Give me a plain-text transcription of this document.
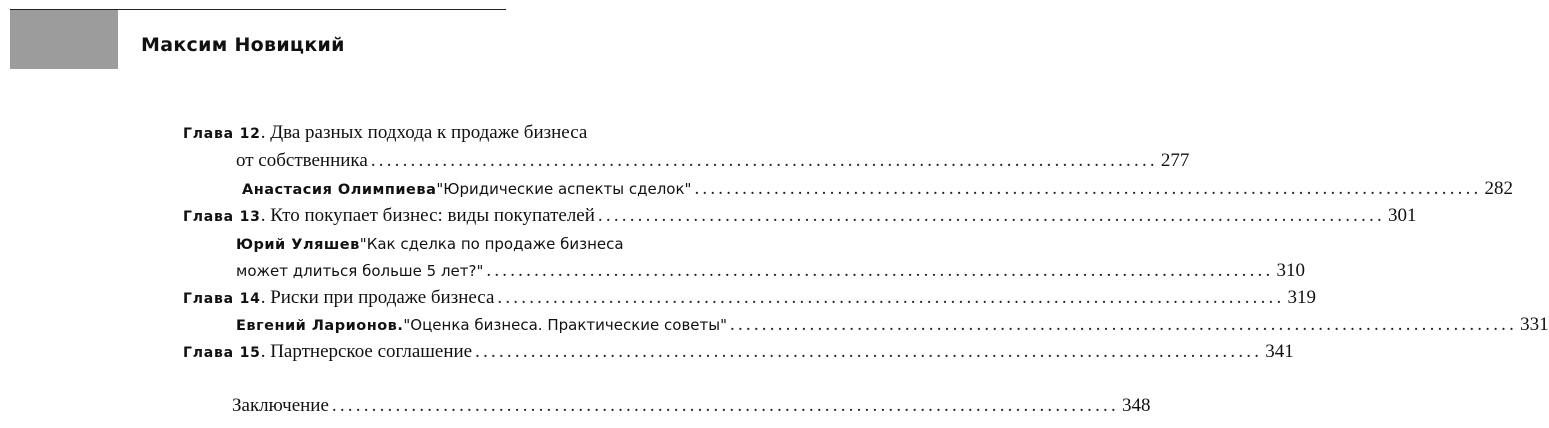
Максим Новицкий
Глава 12 . Два разных подхода к продаже бизнеса
от собственника ................................................................................................... 277
Анастасия Олимпиева "Юридические аспекты сделок" ................................................................................................... 282
Глава 13 . Кто покупает бизнес: виды покупателей ................................................................................................... 301
Юрий Уляшев "Как сделка по продаже бизнеса
может длиться больше 5 лет?" ................................................................................................... 310
Глава 14 . Риски при продаже бизнеса ................................................................................................... 319
Евгений Ларионов. "Оценка бизнеса. Практические советы" ................................................................................................... 331
Глава 15 . Партнерское соглашение ................................................................................................... 341
Заключение ................................................................................................... 348
